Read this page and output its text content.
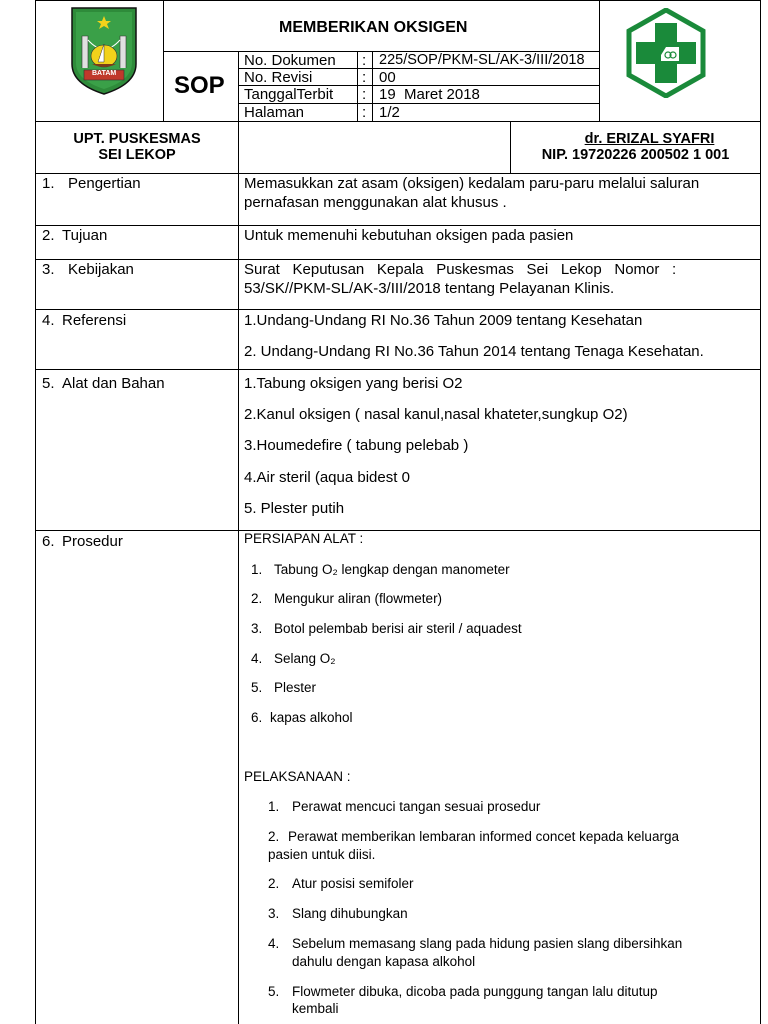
BATAM
MEMBERIKAN OKSIGEN
SOP
No. Dokumen : 225/SOP/PKM-SL/AK-3/III/2018
No. Revisi	: 00
TanggalTerbit : 19  Maret 2018
Halaman	: 1/2
UPT. PUSKESMAS
SEI LEKOP
dr. ERIZAL SYAFRI
NIP. 19720226 200502 1 001
1. Pengertian
2. Tujuan
3. Kebijakan
4. Referensi
5. Alat dan Bahan
6. Prosedur
Memasukkan zat asam (oksigen) kedalam paru-paru melalui saluran
pernafasan menggunakan alat khusus .
Untuk memenuhi kebutuhan oksigen pada pasien
Surat    Keputusan    Kepala    Puskesmas    Sei    Lekop    Nomor    :
53/SK//PKM-SL/AK-3/III/2018 tentang Pelayanan Klinis.
1.Undang-Undang RI No.36 Tahun 2009 tentang Kesehatan
2. Undang-Undang RI No.36 Tahun 2014 tentang Tenaga Kesehatan.
1.Tabung oksigen yang berisi O2
2.Kanul oksigen ( nasal kanul,nasal khateter,sungkup O2)
3.Houmedefire ( tabung pelebab )
4.Air steril (aqua bidest 0
5. Plester putih
PERSIAPAN ALAT :
1. Tabung O₂ lengkap dengan manometer
2. Mengukur aliran (flowmeter)
3. Botol pelembab berisi air steril / aquadest
4. Selang O₂
5. Plester
6. kapas alkohol
PELAKSANAAN :
1. Perawat mencuci tangan sesuai prosedur
2. Perawat memberikan lembaran informed concet kepada keluarga
pasien untuk diisi.
2. Atur posisi semifoler
3. Slang dihubungkan
4. Sebelum memasang slang pada hidung pasien slang dibersihkan
dahulu dengan kapasa alkohol
5. Flowmeter dibuka, dicoba pada punggung tangan lalu ditutup
kembali
